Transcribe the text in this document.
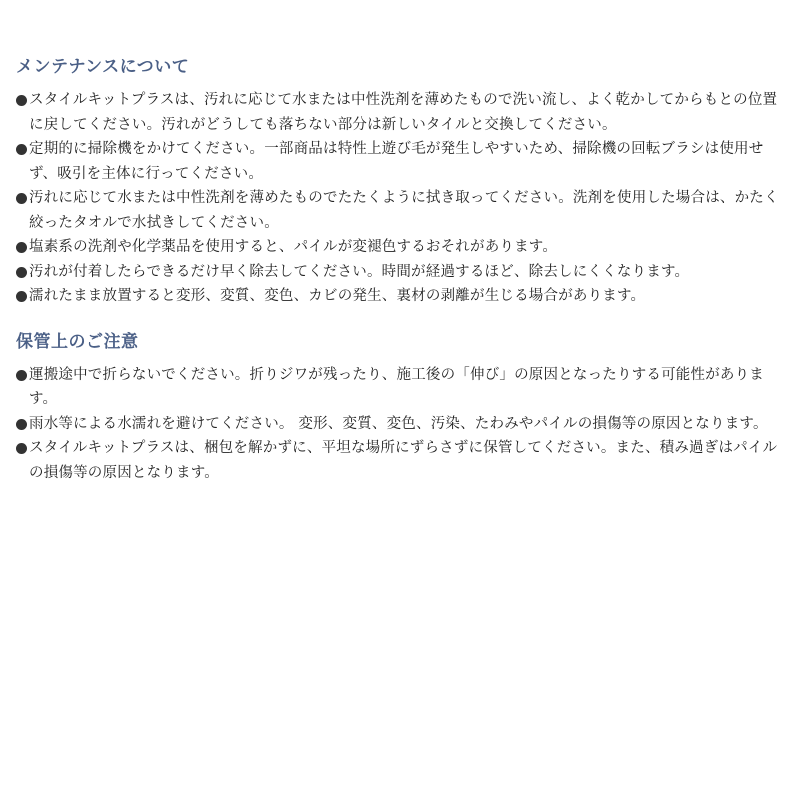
メンテナンスについて
スタイルキットプラスは、汚れに応じて水または中性洗剤を薄めたもので洗い流し、よく乾かしてからもとの位置に戻してください。汚れがどうしても落ちない部分は新しいタイルと交換してください。
定期的に掃除機をかけてください。一部商品は特性上遊び毛が発生しやすいため、掃除機の回転ブラシは使用せず、吸引を主体に行ってください。
汚れに応じて水または中性洗剤を薄めたものでたたくように拭き取ってください。洗剤を使用した場合は、かたく絞ったタオルで水拭きしてください。
塩素系の洗剤や化学薬品を使用すると、パイルが変褪色するおそれがあります。
汚れが付着したらできるだけ早く除去してください。時間が経過するほど、除去しにくくなります。
濡れたまま放置すると変形、変質、変色、カビの発生、裏材の剥離が生じる場合があります。
保管上のご注意
運搬途中で折らないでください。折りジワが残ったり、施工後の「伸び」の原因となったりする可能性があります。
雨水等による水濡れを避けてください。 変形、変質、変色、汚染、たわみやパイルの損傷等の原因となります。
スタイルキットプラスは、梱包を解かずに、平坦な場所にずらさずに保管してください。また、積み過ぎはパイルの損傷等の原因となります。
